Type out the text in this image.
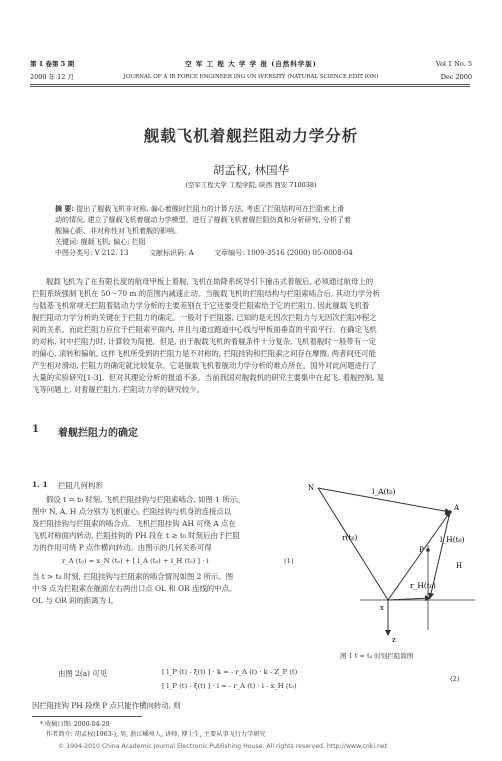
第 1 卷第 5 期
2000 年 12 月
空 军 工 程 大 学 学 报 (自然科学版)
JOURNAL OF A IR FORCE ENGINEER ING UN IVERSITY (NATURAL SCIENCE EDIT ION)
Vol 1 No. 5
Dec 2000
舰载飞机着舰拦阻动力学分析
胡孟权, 林国华
(空军工程大学 工程学院, 陕西 西安 710038)
摘 要: 提出了舰载飞机非对称, 偏心着舰时拦阻力的计算方法, 考虑了拦阻结构可在拦阻索上滑
动的情况, 建立了舰载飞机着舰动力学模型。进行了舰载飞机着舰拦阻仿真和分析研究, 分析了着
舰偏心距、非对称性对飞机着舰的影响。
关键词: 舰载飞机; 偏心; 拦阻
中图分类号: V 212. 13	文献标识码: A	文章编号: 1009-3516 (2000) 05-0008-04
舰载飞机为了在有限长度的航母甲板上着舰, 飞机在助降系统导引下撞击式着舰后, 必须通过航母上的
拦阻系统强制飞机在 50～70 m 的范围内减速止动。当舰载飞机的拦阻结构与拦阻索啮合后, 其动力学分析
与陆基飞机常规无拦阻着陆动力学分析的主要差别在于它还要受拦阻索给于它的拦阻力, 因此舰载飞机着
舰拦阻动力学分析的关键在于拦阻力的确定。一般对于拦阻器, 已知的是无因次拦阻力与无因次拦阻冲程之
间的关系。而此拦阻力应位于拦阻索平面内, 并且与通过跑道中心线与甲板面垂直的平面平行。在确定飞机
的对称, 对中拦阻力时, 计算较为简便。但是, 由于舰载飞机的着舰条件十分复杂, 飞机着舰时一般带有一定
的偏心, 滚转和偏航, 这样飞机所受到的拦阻力是不对称的, 拦阻挂钩和拦阻索之间存在摩擦, 两者间还可能
产生相对滑动, 拦阻力的确定就比较复杂。它是舰载飞机着舰动力学分析的难点所在。国外对此问题进行了
大量的实验研究[1-3]。但对其理论分析的报道不多。当前我国对舰载机的研究主要集中在起飞, 着舰控制, 复
飞等问题上, 对着舰拦阻力, 拦阻动力学的研究较少。
1 着舰拦阻力的确定
1. 1 拦阻几何构形
假设 t = t₀ 时刻, 飞机拦阻挂钩与拦阻索啮合, 如图 1 所示。
图中 N, A, H 点分别为飞机重心, 拦阻挂钩与机身的连接点以
及拦阻挂钩与拦阻索的啮合点。飞机拦阻挂钩 AH 可绕 A 点在
飞机对称面内转动, 拦阻挂钩的 PH 段在 t ≥ t₀ 时刻后由于拦阻
力的作用可绕 P 点作横向转动。由图示的几何关系可得
r_A (t₀) = x_N (t₀) + [ l_A (t₀) + l_H (t₀) ] · i	(1)
当 t > t₀ 时刻, 拦阻挂钩与拦阻索的啮合情况如图 2 所示。图
中 S 点为拦阻索在舰面左右两出口点 OL 和 OR 连线的中点。
OL 与 OR 间的距离为 l。
N
A
P
H
x
z
l_A(t₀)
r(t₀)	l_H(t₀)
r_H(t₀)
图 1 t = t₀ 时刻拦阻简图
由图 2(a) 可见	[ l_P (t) - ξ(t) ] · k = - r_A (t) · k - Z_P (t)
[ l_P (t) - ξ(t) ] · i = - r_A (t) · i - x_H (t₀)
(2)
因拦阻挂钩 PH 段绕 P 点只能作横向转动, 则
* 收稿日期: 2000-04-29
作者简介: 胡孟权(1963-), 男, 浙江嵊州人, 讲师, 博士生, 主要从事飞行力学研究
© 1994-2010 China Academic Journal Electronic Publishing House. All rights reserved. http://www.cnki.net
